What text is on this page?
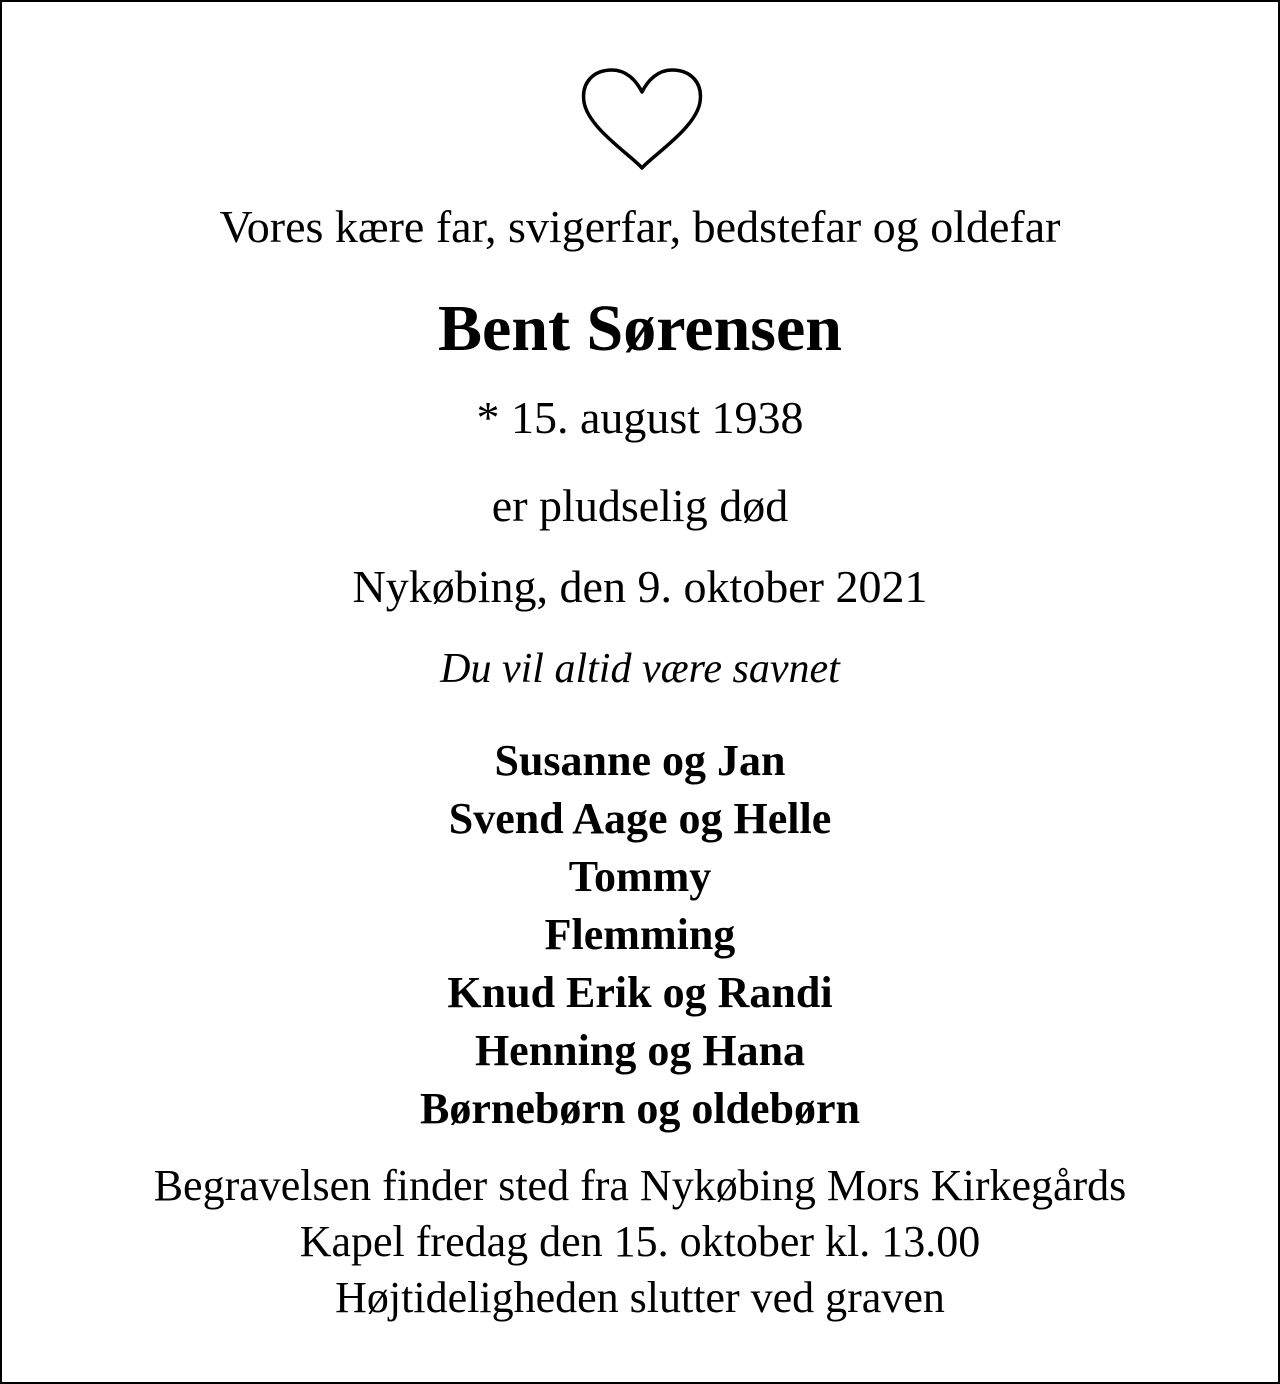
Vores kære far, svigerfar, bedstefar og oldefar
Bent Sørensen
* 15. august 1938
er pludselig død
Nykøbing, den 9. oktober 2021
Du vil altid være savnet
Susanne og Jan
Svend Aage og Helle
Tommy
Flemming
Knud Erik og Randi
Henning og Hana
Børnebørn og oldebørn
Begravelsen finder sted fra Nykøbing Mors Kirkegårds
Kapel fredag den 15. oktober kl. 13.00
Højtideligheden slutter ved graven
